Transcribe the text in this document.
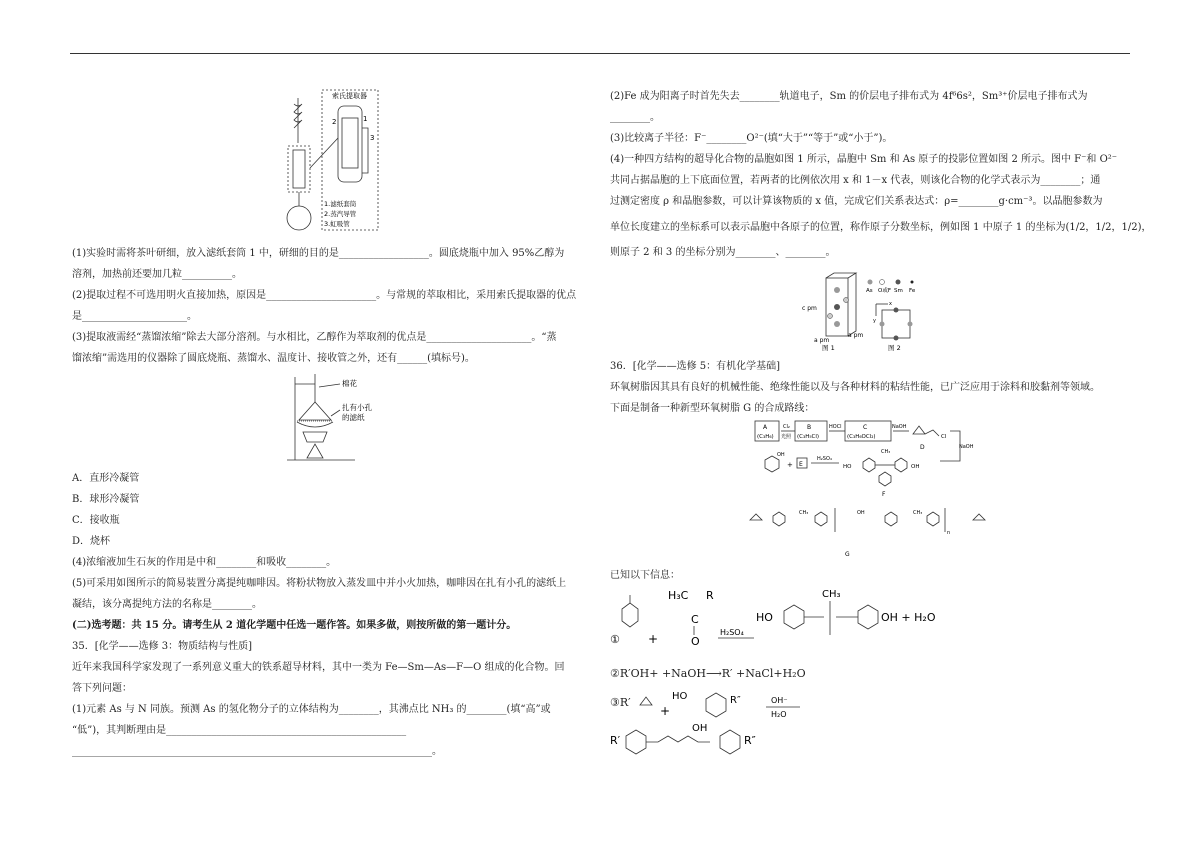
索氏提取器
2	1
3
1.滤纸套筒
2.蒸汽导管
3.虹吸管
(1)实验时需将茶叶研细，放入滤纸套筒 1 中，研细的目的是__________________。圆底烧瓶中加入 95%乙醇为
溶剂，加热前还要加几粒__________。
(2)提取过程不可选用明火直接加热，原因是______________________。与常规的萃取相比，采用索氏提取器的优点
是_____________________。
(3)提取液需经“蒸馏浓缩”除去大部分溶剂。与水相比，乙醇作为萃取剂的优点是_____________________。“蒸
馏浓缩”需选用的仪器除了圆底烧瓶、蒸馏水、温度计、接收管之外，还有______(填标号)。
棉花
扎有小孔
的滤纸
A．直形冷凝管
B．球形冷凝管
C．接收瓶
D．烧杯
(4)浓缩液加生石灰的作用是中和________和吸收________。
(5)可采用如图所示的简易装置分离提纯咖啡因。将粉状物放入蒸发皿中并小火加热，咖啡因在扎有小孔的滤纸上
凝结，该分离提纯方法的名称是________。
(二)选考题：共 15 分。请考生从 2 道化学题中任选一题作答。如果多做，则按所做的第一题计分。
35．[化学——选修 3：物质结构与性质]
近年来我国科学家发现了一系列意义重大的铁系超导材料，其中一类为 Fe—Sm—As—F—O 组成的化合物。回
答下列问题：
(1)元素 As 与 N 同族。预测 As 的氢化物分子的立体结构为________，其沸点比 NH₃ 的________(填“高”或
“低”)，其判断理由是________________________________________________
________________________________________________________________________。
(2)Fe 成为阳离子时首先失去________轨道电子，Sm 的价层电子排布式为 4f⁶6s²，Sm³⁺价层电子排布式为
________。
(3)比较离子半径：F⁻________O²⁻(填“大于”“等于”或“小于”)。
(4)一种四方结构的超导化合物的晶胞如图 1 所示，晶胞中 Sm 和 As 原子的投影位置如图 2 所示。图中 F⁻和 O²⁻
共同占据晶胞的上下底面位置，若两者的比例依次用 x 和 1－x 代表，则该化合物的化学式表示为________；通
过测定密度 ρ 和晶胞参数，可以计算该物质的 x 值，完成它们关系表达式：ρ=________g·cm⁻³。以晶胞参数为
单位长度建立的坐标系可以表示晶胞中各原子的位置，称作原子分数坐标，例如图 1 中原子 1 的坐标为(1/2，1/2，1/2)，
则原子 2 和 3 的坐标分别为________、________。
c pm
a pm
a pm
As O或F Sm Fe
x
y
图 1	图 2
36．[化学——选修 5：有机化学基础]
环氧树脂因其具有良好的机械性能、绝缘性能以及与各种材料的粘结性能，已广泛应用于涂料和胶黏剂等领域。
下面是制备一种新型环氧树脂 G 的合成路线：
A
(C₃H₆)
Cl₂
光照
B
(C₃H₅Cl)
HOCl	C
(C₃H₆OCl₂)
NaOH
Cl
D	NaOH
OH
+ E
H₂SO₄
HO
CH₃
OH
F
CH₃	OH	CH₃
n
G
已知以下信息：
① +
H₃C R
C
O
H₂SO₄
HO
CH₃
OH + H₂O
②R′OH+ +NaOH⟶R′ +NaCl+H₂O
③R′
+
HO	R″	OH⁻
H₂O
R′
OH
R″
